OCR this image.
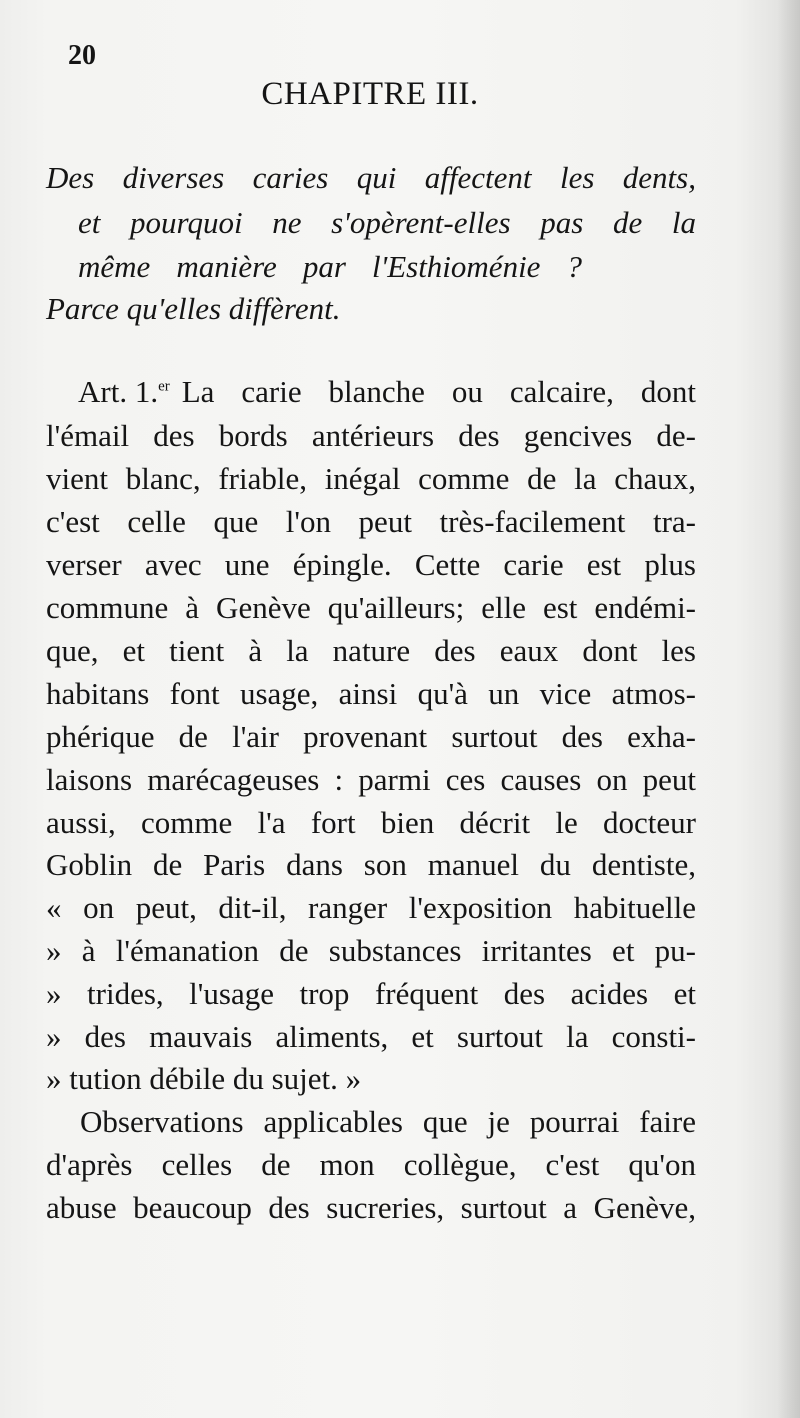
20
CHAPITRE III.
Des diverses caries qui affectent les dents,
et pourquoi ne s'opèrent-elles pas de la
même manière par l'Esthioménie ?
Parce qu'elles diffèrent.
Art. 1.$^{er}$ La carie blanche ou calcaire, dont
l'émail des bords antérieurs des gencives de-
vient blanc, friable, inégal comme de la chaux,
c'est celle que l'on peut très-facilement tra-
verser avec une épingle. Cette carie est plus
commune à Genève qu'ailleurs; elle est endémi-
que, et tient à la nature des eaux dont les
habitans font usage, ainsi qu'à un vice atmos-
phérique de l'air provenant surtout des exha-
laisons marécageuses : parmi ces causes on peut
aussi, comme l'a fort bien décrit le docteur
Goblin de Paris dans son manuel du dentiste,
« on peut, dit-il, ranger l'exposition habituelle
» à l'émanation de substances irritantes et pu-
» trides, l'usage trop fréquent des acides et
» des mauvais aliments, et surtout la consti-
» tution débile du sujet. »
Observations applicables que je pourrai faire
d'après celles de mon collègue, c'est qu'on
abuse beaucoup des sucreries, surtout a Genève,
